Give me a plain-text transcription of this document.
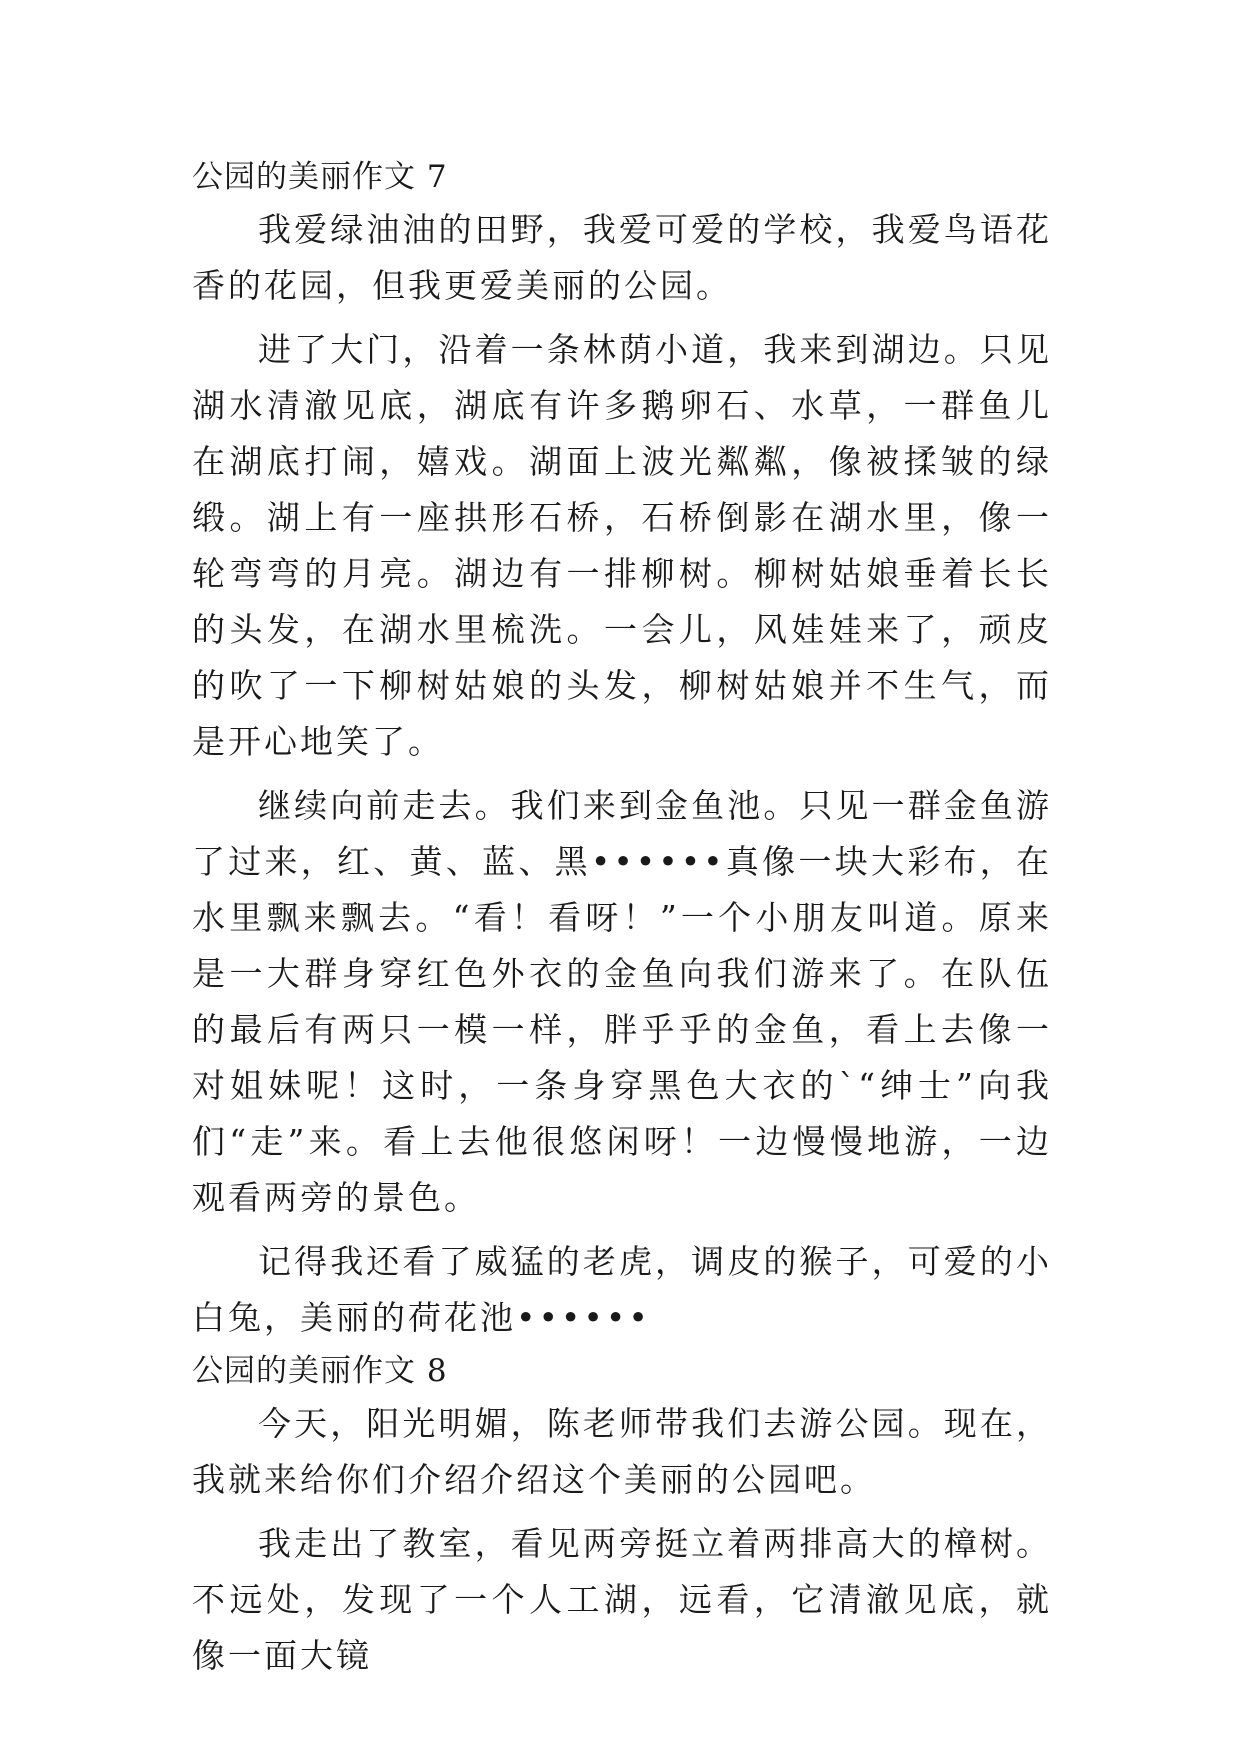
公园的美丽作文 7

我爱绿油油的田野，我爱可爱的学校，我爱鸟语花香的花园，但我更爱美丽的公园。

进了大门，沿着一条林荫小道，我来到湖边。只见湖水清澈见底，湖底有许多鹅卵石、水草，一群鱼儿在湖底打闹，嬉戏。湖面上波光粼粼，像被揉皱的绿缎。湖上有一座拱形石桥，石桥倒影在湖水里，像一轮弯弯的月亮。湖边有一排柳树。柳树姑娘垂着长长的头发，在湖水里梳洗。一会儿，风娃娃来了，顽皮的吹了一下柳树姑娘的头发，柳树姑娘并不生气，而是开心地笑了。

继续向前走去。我们来到金鱼池。只见一群金鱼游了过来，红、黄、蓝、黑••••••真像一块大彩布，在水里飘来飘去。“看！看呀！”一个小朋友叫道。原来是一大群身穿红色外衣的金鱼向我们游来了。在队伍的最后有两只一模一样，胖乎乎的金鱼，看上去像一对姐妹呢！这时，一条身穿黑色大衣的`“绅士”向我们“走”来。看上去他很悠闲呀！一边慢慢地游，一边观看两旁的景色。

记得我还看了威猛的老虎，调皮的猴子，可爱的小白兔，美丽的荷花池••••••

公园的美丽作文 8

今天，阳光明媚，陈老师带我们去游公园。现在，我就来给你们介绍介绍这个美丽的公园吧。

我走出了教室，看见两旁挺立着两排高大的樟树。不远处，发现了一个人工湖，远看，它清澈见底，就像一面大镜
